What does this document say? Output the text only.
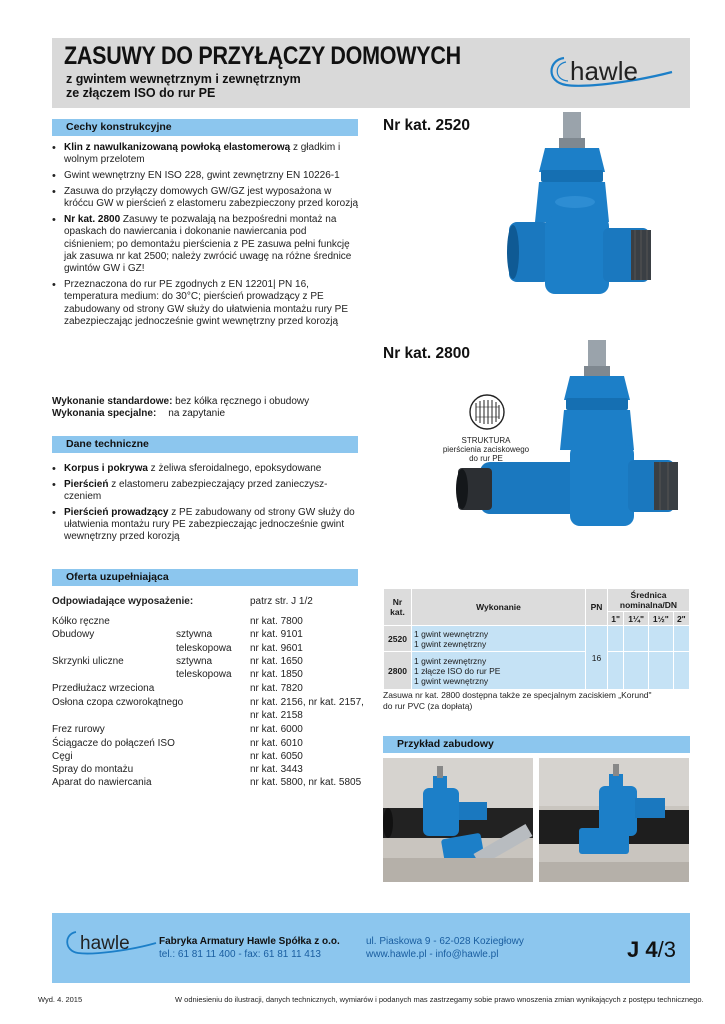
ZASUWY DO PRZYŁĄCZY DOMOWYCH
z gwintem wewnętrznym i zewnętrznym
ze złączem ISO do rur PE
hawle
Cechy konstrukcyjne
• Klin z nawulkanizowaną powłoką elastomerową z gładkim i wolnym przelotem
• Gwint wewnętrzny EN ISO 228, gwint zewnętrzny EN 10226-1
• Zasuwa do przyłączy domowych GW/GZ jest wyposażona w króćcu GW w pierścień z elastomeru zabezpieczony przed korozją
• Nr kat. 2800 Zasuwy te pozwalają na bezpośredni montaż na opaskach do nawiercania i dokonanie nawiercania pod ciśnieniem; po demontażu pierścienia z PE zasuwa pełni funkcję jak zasuwa nr kat 2500; należy zwrócić uwagę na różne średnice gwintów GW i GZ!
• Przeznaczona do rur PE zgodnych z EN 12201| PN 16, temperatura medium: do 30°C; pierścień prowadzący z PE zabudowany od strony GW służy do ułatwienia montażu rury PE zabezpieczając jednocześnie gwint wewnętrzny przed korozją
Wykonanie standardowe: bez kółka ręcznego i obudowy
Wykonania specjalne: na zapytanie
Dane techniczne
• Korpus i pokrywa z żeliwa sferoidalnego, epoksydowane
• Pierścień z elastomeru zabezpieczający przed zanieczysz-czeniem
• Pierścień prowadzący z PE zabudowany od strony GW służy do ułatwienia montażu rury PE zabezpieczając jednocześnie gwint wewnętrzny przed korozją
Oferta uzupełniająca
Odpowiadające wyposażenie:	patrz str. J 1/2
Kółko ręczne	nr kat. 7800
Obudowy	sztywna	nr kat. 9101
teleskopowa nr kat. 9601
Skrzynki uliczne	sztywna	nr kat. 1650
teleskopowa nr kat. 1850
Przedłużacz wrzeciona	nr kat. 7820
Osłona czopa czworokątnego	nr kat. 2156, nr kat. 2157,
nr kat. 2158
Frez rurowy	nr kat. 6000
Ściągacze do połączeń ISO	nr kat. 6010
Cęgi	nr kat. 6050
Spray do montażu	nr kat. 3443
Aparat do nawiercania	nr kat. 5800, nr kat. 5805
Nr kat. 2520
Nr kat. 2800
STRUKTURA
pierścienia zaciskowego
do rur PE
Nr kat.	Wykonanie	PN	Średnica nominalna/DN			
			1"	1¼"	1½"	2"
2520	1 gwint wewnętrzny
1 gwint zewnętrzny	16				
2800	1 gwint zewnętrzny
1 złącze ISO do rur PE
1 gwint wewnętrzny					

Zasuwa nr kat. 2800 dostępna także ze specjalnym zaciskiem „Korund"
do rur PVC (za dopłatą)
Przykład zabudowy
hawle	Fabryka Armatury Hawle Spółka z o.o.
tel.: 61 81 11 400 - fax: 61 81 11 413
ul. Piaskowa 9 - 62-028 Koziegłowy
www.hawle.pl - info@hawle.pl	J 4/3
Wyd. 4. 2015	W odniesieniu do ilustracji, danych technicznych, wymiarów i podanych mas zastrzegamy sobie prawo wnoszenia zmian wynikających z postępu technicznego.
